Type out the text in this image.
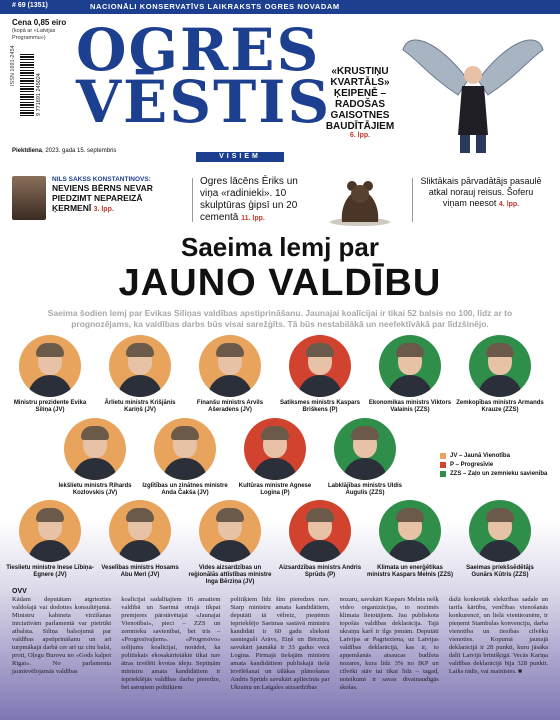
# 69 (1351)	NACIONĀLI KONSERVATĪVS LAIKRAKSTS OGRES NOVADAM
Cena 0,85 eiro
(kopā ar «Latvijas Programmu»)
ISSN 1691-2454
9 771691 245024
OGRES
VĒSTIS
VISIEM
Piektdiena, 2023. gada 15. septembris
«KRUSTIŅU KVARTĀLS» ĶEIPENĒ – RADOŠAS GAISOTNES BAUDĪTĀJIEM
6. lpp.
NILS SAKSS KONSTANTINOVS:
NEVIENS BĒRNS NEVAR PIEDZIMT NEPAREIZĀ ĶERMENĪ 3. lpp.
Ogres lācēns Ēriks un viņa «radinieki». 10 skulptūras ģipsī un 20 cementā 11. lpp.
Sliktākais pārvadātājs pasaulē atkal norauj reisus. Šoferu viņam neesot 4. lpp.
Saeima lemj par
JAUNO VALDĪBU
Saeima šodien lemj par Evikas Siliņas valdības apstiprināšanu. Jaunajai koalīcijai ir tikai 52 balsis no 100, līdz ar to prognozējams, ka valdības darbs būs visai sarežģīts. Tā būs nestabilākā un neefektīvākā par līdzšinējo.
Ministru prezidente Evika Siliņa (JV)
Ārlietu ministrs Krišjānis Kariņš (JV)
Finanšu ministrs Arvils Ašeradens (JV)
Satiksmes ministrs Kaspars Briškens (P)
Ekonomikas ministrs Viktors Valainis (ZZS)
Zemkopības ministrs Armands Krauze (ZZS)
Iekšlietu ministrs Rihards Kozlovskis (JV)
Izglītības un zinātnes ministre Anda Čakša (JV)
Kultūras ministre Agnese Logina (P)
Labklājības ministrs Uldis Augulis (ZZS)
Tieslietu ministre Inese Lībiņa-Egnere (JV)
Veselības ministrs Hosams Abu Meri (JV)
Vides aizsardzības un reģionālās attīstības ministre Inga Bērziņa (JV)
Aizsardzības ministrs Andris Sprūds (P)
Klimata un enerģētikas ministrs Kaspars Melnis (ZZS)
Saeimas priekšsēdētājs Gunārs Kūtris (ZZS)
JV – Jaunā Vienotība
P – Progresīvie
ZZS – Zaļo un zemnieku savienība
OVV
Kādam deputātam atgriezties valdošajā vai dodoties konsultējumā. Ministru kabineta virzīšanas iniciatīvām parlamentā var pietrūkt atbalsta. Siliņa balsojumā par valdības apstiprināšanu un arī turpmākajā darbā cer arī uz citu balsi, proti, Oļegu Burovu no «Gods kalpot Rīgai». No parlamenta jaunievēlojamās valdības
koalīcijai sadalītajiem 16 amatiem valdībā un Saeimā otrajā tikpat premjeres pārstāvētajai «Jaunajai Vienotībai», pieci – ZZS un zemnieku savienībai, bet trīs – «Progresīvajiem». «Progresīvo» solījums koalīcijai, norādot, ka politiskais ekosakārtotākie tikai nav ātras izvēlēti kvotas ideju. Septiņām ministru amata kandidātiem ir iepriekšējās valdības darba pieredze, bet astoņiem politiķiem
politiķiem līdz šim pieredzes nav. Starp ministru amata kandidātiem, deputāti tā vēlreiz, pieņēmis iepriekšējo Saeimas sastāvā ministru kandidāti ir 60 gadu slieksni sasnieguši Arāvs, Eiņš un Bērziņa, savukārt jaunākā ir 33 gadus vecā Logina. Pirmajā tiešajām ministru amata kandidātiem publiskajā tiešā ievēlēšanai un tālākas plānošanas Andris Sprūds savukārt apliecinās par Ukrainu un Latgales aizsardzības
nozaru, savukārt Kaspars Melnis nešķ video organizācijas, to nozīmēs klimata lietotājiem. Jau publiskota topošās valdības deklarācija. Tajā ukraiņu karš ir ilgs jomām. Deputāti Latvijas ar Pagrieziena, uz Latvijas valdības deklarācijā, kas ir, to apņemšanās atsaucas budžeta nozares, kura līdz 3% no IKP un cilvēki stāv tai tikai līdz – tagad, noteikumi ir savas divainaudīgās skolas.
dažā konkretāk elektrības sadale un tarifa kārtību, venčības vienošanās konkurencē, un lielā vientiesmēm, ir pieņemt Stambulas konvenciju, darba vienotība un tiesības cilvēku vienoties. Kopumā jaunajā deklarācijā ir 28 punkti, kuru jāsāka dalīt Latvijā brīnišķīgā. Vecās Kariņa valdības deklarācijā bija 328 punkti. Laiks rādīs, vai mainīsies. ■
